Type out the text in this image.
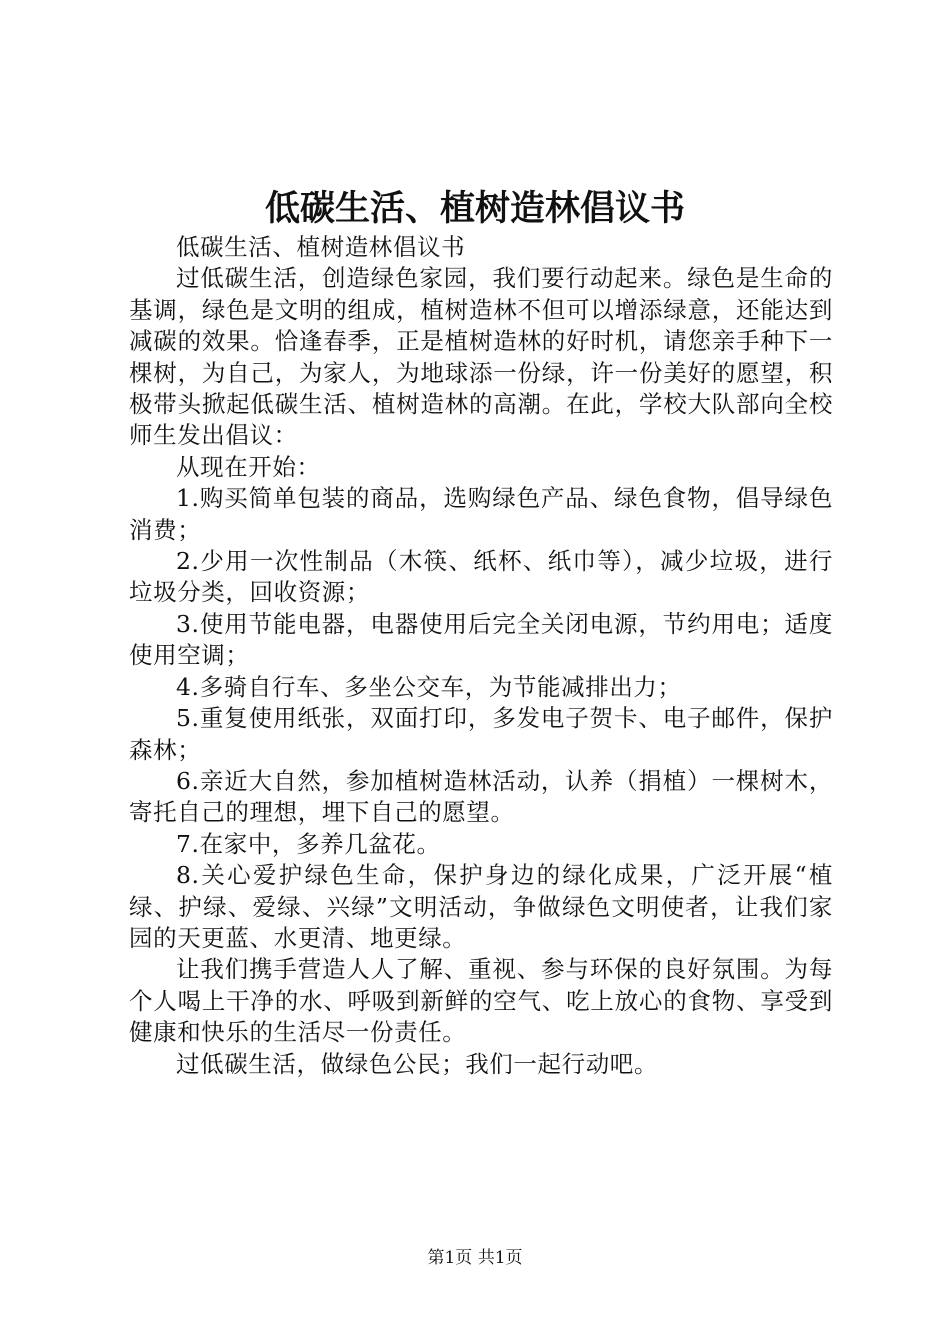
低碳生活、植树造林倡议书

低碳生活、植树造林倡议书

过低碳生活，创造绿色家园，我们要行动起来。绿色是生命的基调，绿色是文明的组成，植树造林不但可以增添绿意，还能达到减碳的效果。恰逢春季，正是植树造林的好时机，请您亲手种下一棵树，为自己，为家人，为地球添一份绿，许一份美好的愿望，积极带头掀起低碳生活、植树造林的高潮。在此，学校大队部向全校师生发出倡议：

从现在开始：

1.购买简单包装的商品，选购绿色产品、绿色食物，倡导绿色消费；

2.少用一次性制品（木筷、纸杯、纸巾等），减少垃圾，进行垃圾分类，回收资源；

3.使用节能电器，电器使用后完全关闭电源，节约用电；适度使用空调；

4.多骑自行车、多坐公交车，为节能减排出力；

5.重复使用纸张，双面打印，多发电子贺卡、电子邮件，保护森林；

6.亲近大自然，参加植树造林活动，认养（捐植）一棵树木，寄托自己的理想，埋下自己的愿望。

7.在家中，多养几盆花。

8.关心爱护绿色生命，保护身边的绿化成果，广泛开展“植绿、护绿、爱绿、兴绿”文明活动，争做绿色文明使者，让我们家园的天更蓝、水更清、地更绿。

让我们携手营造人人了解、重视、参与环保的良好氛围。为每个人喝上干净的水、呼吸到新鲜的空气、吃上放心的食物、享受到健康和快乐的生活尽一份责任。

过低碳生活，做绿色公民；我们一起行动吧。

第1页 共1页
